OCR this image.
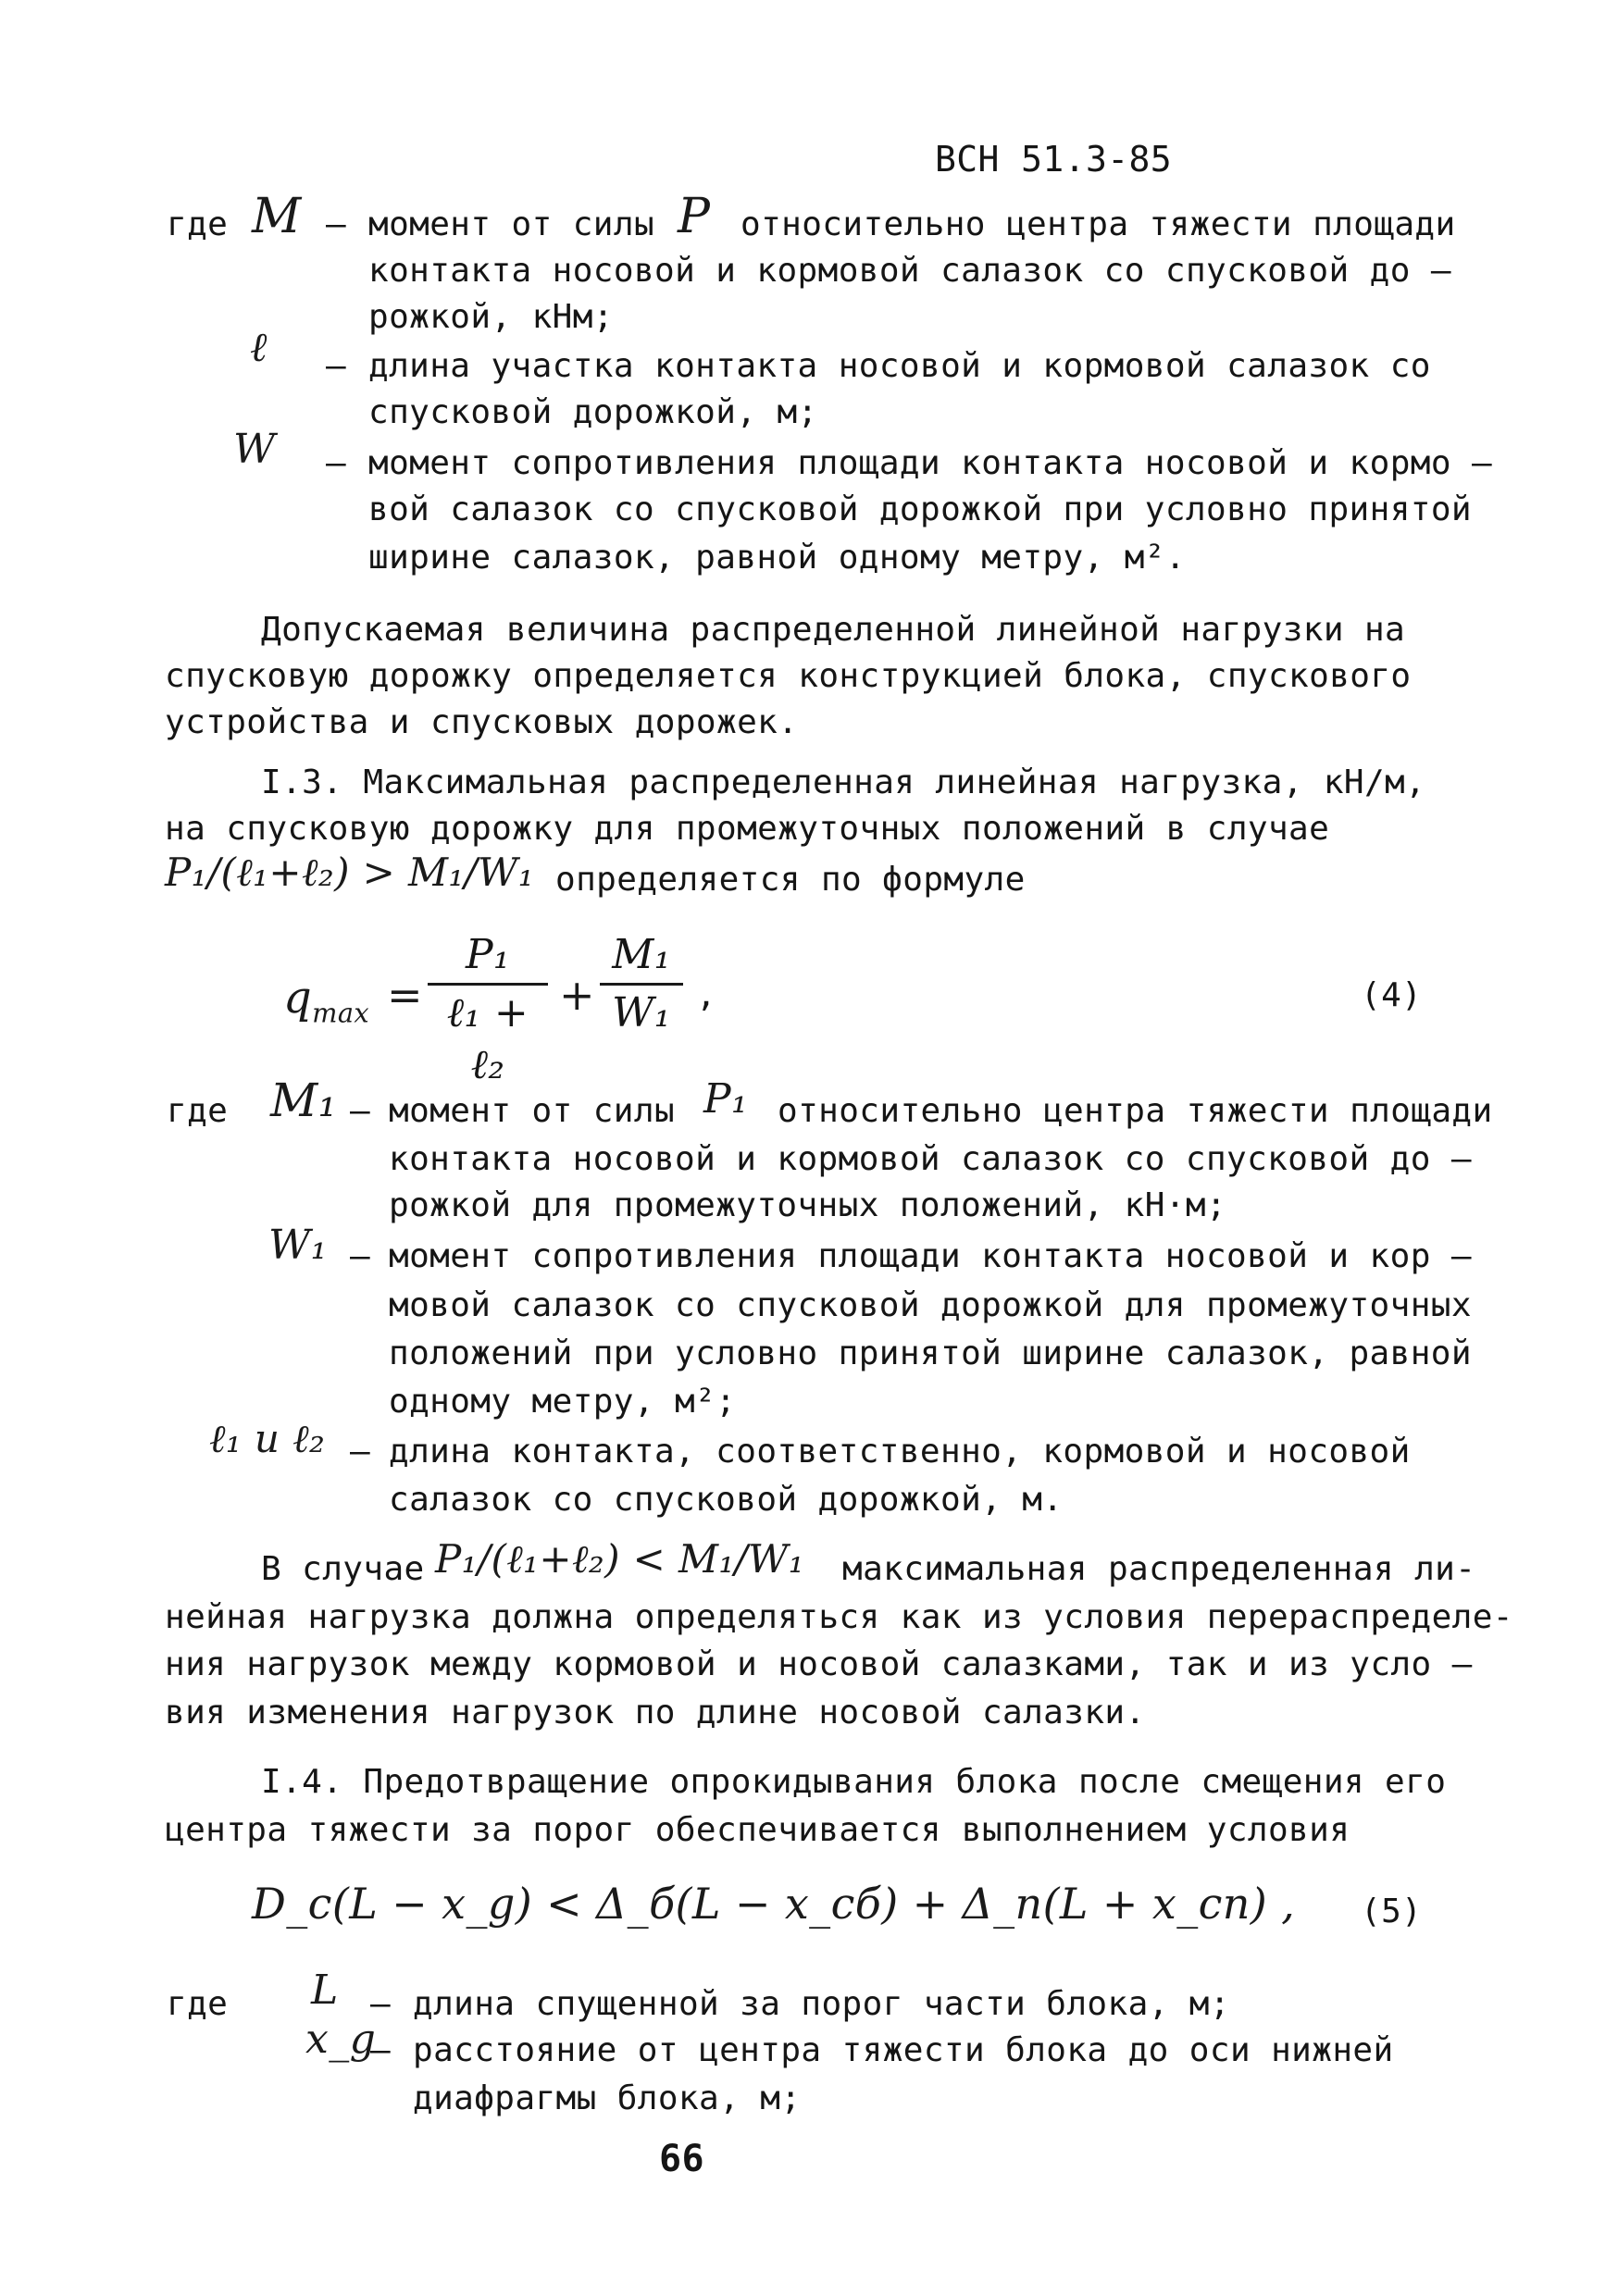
ВСН 51.3-85
где M – момент от силы P относительно центра тяжести площади
контакта носовой и кормовой салазок со спусковой до –
рожкой, кНм;
ℓ – длина участка контакта носовой и кормовой салазок со
спусковой дорожкой, м;
W – момент сопротивления площади контакта носовой и кормо –
вой салазок со спусковой дорожкой при условно принятой
ширине салазок, равной одному метру, м².
Допускаемая величина распределенной линейной нагрузки на
спусковую дорожку определяется конструкцией блока, спускового
устройства и спусковых дорожек.
I.3. Максимальная распределенная линейная нагрузка, кН/м,
на спусковую дорожку для промежуточных положений в случае
P₁/(ℓ₁+ℓ₂) > M₁/W₁ определяется по формуле
$q_{max}$ =
P₁
ℓ₁ + ℓ₂
+
M₁
W₁ ,	(4)
где M₁ – момент от силы P₁ относительно центра тяжести площади
контакта носовой и кормовой салазок со спусковой до –
рожкой для промежуточных положений, кН·м;
W₁ – момент сопротивления площади контакта носовой и кор –
мовой салазок со спусковой дорожкой для промежуточных
положений при условно принятой ширине салазок, равной
одному метру, м²;
ℓ₁ и ℓ₂ – длина контакта, соответственно, кормовой и носовой
салазок со спусковой дорожкой, м.
В случае P₁/(ℓ₁+ℓ₂) < M₁/W₁ максимальная распределенная ли-
нейная нагрузка должна определяться как из условия перераспределе-
ния нагрузок между кормовой и носовой салазками, так и из усло –
вия изменения нагрузок по длине носовой салазки.
I.4. Предотвращение опрокидывания блока после смещения его
центра тяжести за порог обеспечивается выполнением условия
D_c(L − x_g) < Δ_б(L − x_cб) + Δ_п(L + x_cп) , (5)
где L – длина спущенной за порог части блока, м;
x_g
– расстояние от центра тяжести блока до оси нижней
диафрагмы блока, м;
66
